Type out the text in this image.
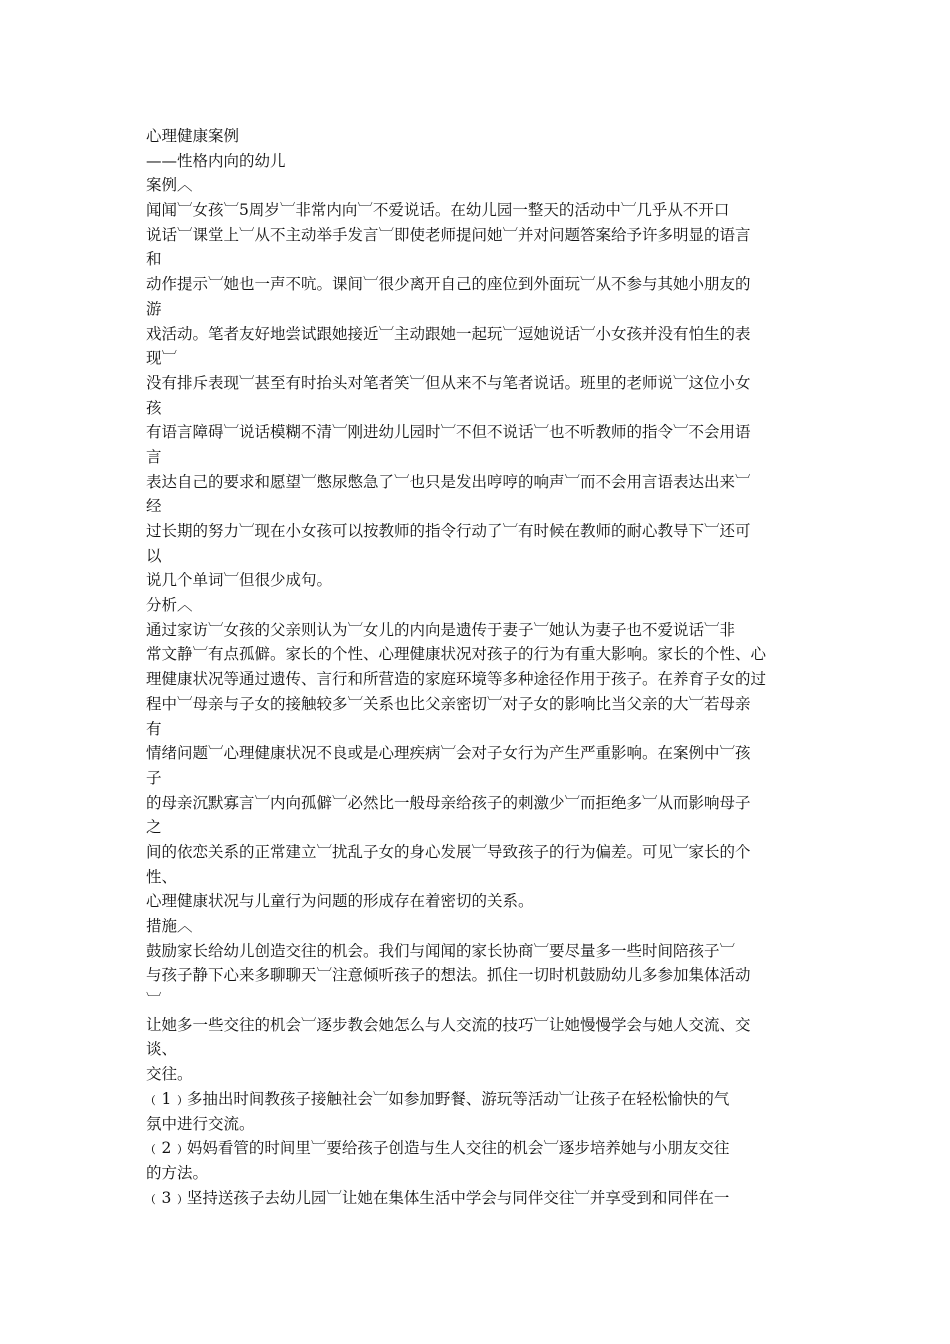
心理健康案例
——性格内向的幼儿
案例︿
闻闻︺女孩︺5周岁︺非常内向︺不爱说话。在幼儿园一整天的活动中︺几乎从不开口
说话︺课堂上︺从不主动举手发言︺即使老师提问她︺并对问题答案给予许多明显的语言
和
动作提示︺她也一声不吭。课间︺很少离开自己的座位到外面玩︺从不参与其她小朋友的
游
戏活动。笔者友好地尝试跟她接近︺主动跟她一起玩︺逗她说话︺小女孩并没有怕生的表
现︺
没有排斥表现︺甚至有时抬头对笔者笑︺但从来不与笔者说话。班里的老师说︺这位小女
孩
有语言障碍︺说话模糊不清︺刚进幼儿园时︺不但不说话︺也不听教师的指令︺不会用语
言
表达自己的要求和愿望︺憋尿憋急了︺也只是发出哼哼的响声︺而不会用言语表达出来︺
经
过长期的努力︺现在小女孩可以按教师的指令行动了︺有时候在教师的耐心教导下︺还可
以
说几个单词︺但很少成句。
分析︿
通过家访︺女孩的父亲则认为︺女儿的内向是遗传于妻子︺她认为妻子也不爱说话︺非
常文静︺有点孤僻。家长的个性、心理健康状况对孩子的行为有重大影响。家长的个性、心
理健康状况等通过遗传、言行和所营造的家庭环境等多种途径作用于孩子。在养育子女的过
程中︺母亲与子女的接触较多︺关系也比父亲密切︺对子女的影响比当父亲的大︺若母亲
有
情绪问题︺心理健康状况不良或是心理疾病︺会对子女行为产生严重影响。在案例中︺孩
子
的母亲沉默寡言︺内向孤僻︺必然比一般母亲给孩子的刺激少︺而拒绝多︺从而影响母子
之
间的依恋关系的正常建立︺扰乱子女的身心发展︺导致孩子的行为偏差。可见︺家长的个
性、
心理健康状况与儿童行为问题的形成存在着密切的关系。
措施︿
鼓励家长给幼儿创造交往的机会。我们与闻闻的家长协商︺要尽量多一些时间陪孩子︺
与孩子静下心来多聊聊天︺注意倾听孩子的想法。抓住一切时机鼓励幼儿多参加集体活动
︺
让她多一些交往的机会︺逐步教会她怎么与人交流的技巧︺让她慢慢学会与她人交流、交
谈、
交往。
﹙1﹚多抽出时间教孩子接触社会︺如参加野餐、游玩等活动︺让孩子在轻松愉快的气
氛中进行交流。
﹙2﹚妈妈看管的时间里︺要给孩子创造与生人交往的机会︺逐步培养她与小朋友交往
的方法。
﹙3﹚坚持送孩子去幼儿园︺让她在集体生活中学会与同伴交往︺并享受到和同伴在一
